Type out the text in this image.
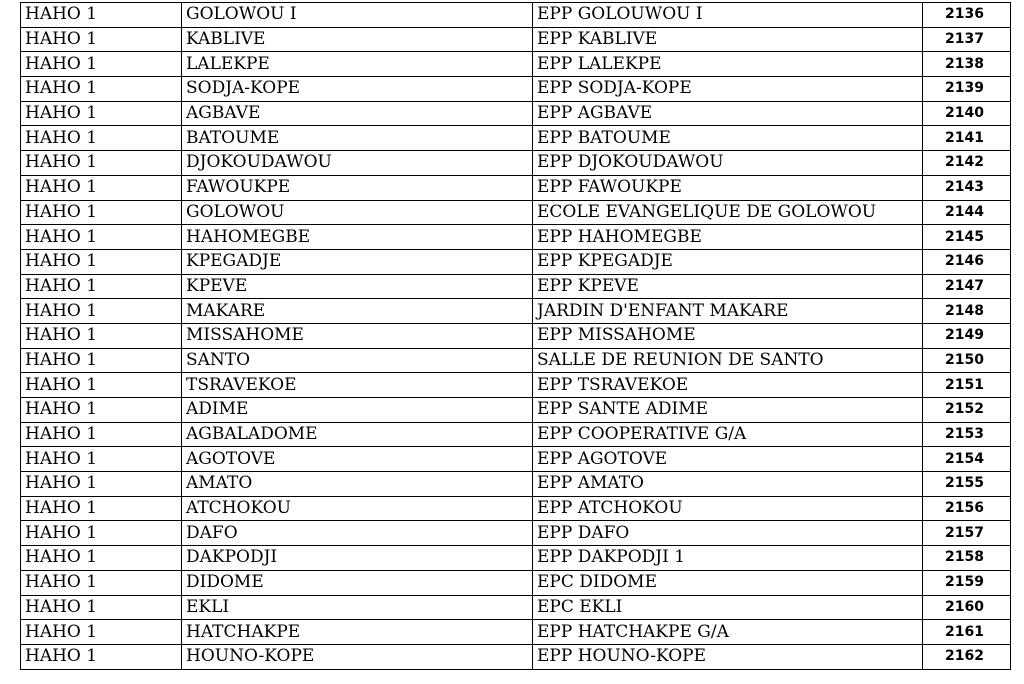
HAHO 1	GOLOWOU I	EPP GOLOUWOU I	2136
HAHO 1	KABLIVE	EPP KABLIVE	2137
HAHO 1	LALEKPE	EPP LALEKPE	2138
HAHO 1	SODJA-KOPE	EPP SODJA-KOPE	2139
HAHO 1	AGBAVE	EPP AGBAVE	2140
HAHO 1	BATOUME	EPP BATOUME	2141
HAHO 1	DJOKOUDAWOU	EPP DJOKOUDAWOU	2142
HAHO 1	FAWOUKPE	EPP FAWOUKPE	2143
HAHO 1	GOLOWOU	ECOLE EVANGELIQUE DE GOLOWOU	2144
HAHO 1	HAHOMEGBE	EPP HAHOMEGBE	2145
HAHO 1	KPEGADJE	EPP KPEGADJE	2146
HAHO 1	KPEVE	EPP KPEVE	2147
HAHO 1	MAKARE	JARDIN D'ENFANT MAKARE	2148
HAHO 1	MISSAHOME	EPP MISSAHOME	2149
HAHO 1	SANTO	SALLE DE REUNION DE SANTO	2150
HAHO 1	TSRAVEKOE	EPP TSRAVEKOE	2151
HAHO 1	ADIME	EPP SANTE ADIME	2152
HAHO 1	AGBALADOME	EPP COOPERATIVE G/A	2153
HAHO 1	AGOTOVE	EPP AGOTOVE	2154
HAHO 1	AMATO	EPP AMATO	2155
HAHO 1	ATCHOKOU	EPP ATCHOKOU	2156
HAHO 1	DAFO	EPP DAFO	2157
HAHO 1	DAKPODJI	EPP DAKPODJI 1	2158
HAHO 1	DIDOME	EPC DIDOME	2159
HAHO 1	EKLI	EPC EKLI	2160
HAHO 1	HATCHAKPE	EPP HATCHAKPE G/A	2161
HAHO 1	HOUNO-KOPE	EPP HOUNO-KOPE	2162
